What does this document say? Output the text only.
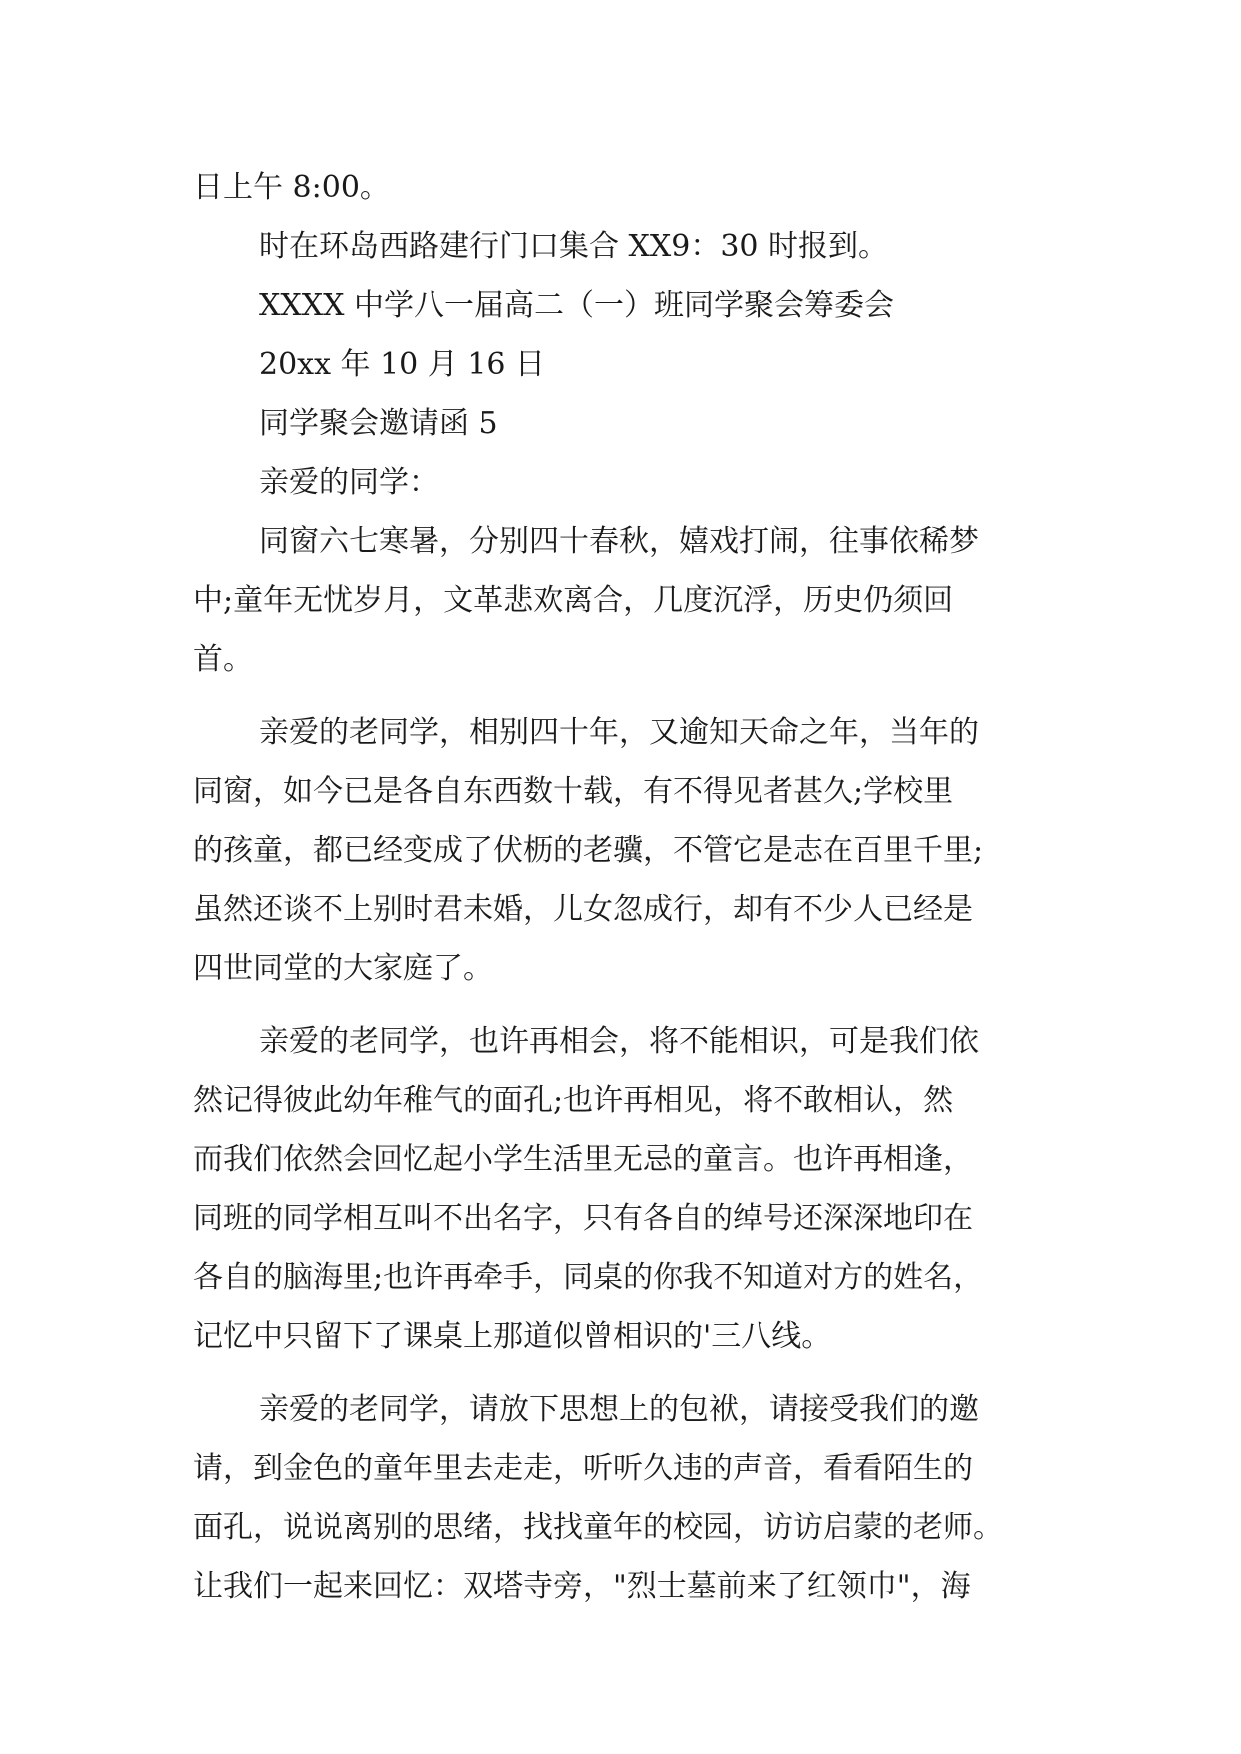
日上午 8:00。
时在环岛西路建行门口集合 XX9：30 时报到。
XXXX 中学八一届高二（一）班同学聚会筹委会
20xx 年 10 月 16 日
同学聚会邀请函 5
亲爱的同学：
同窗六七寒暑，分别四十春秋，嬉戏打闹，往事依稀梦
中;童年无忧岁月，文革悲欢离合，几度沉浮，历史仍须回
首。
亲爱的老同学，相别四十年，又逾知天命之年，当年的
同窗，如今已是各自东西数十载，有不得见者甚久;学校里
的孩童，都已经变成了伏枥的老骥，不管它是志在百里千里;
虽然还谈不上别时君未婚，儿女忽成行，却有不少人已经是
四世同堂的大家庭了。
亲爱的老同学，也许再相会，将不能相识，可是我们依
然记得彼此幼年稚气的面孔;也许再相见，将不敢相认，然
而我们依然会回忆起小学生活里无忌的童言。也许再相逢，
同班的同学相互叫不出名字，只有各自的绰号还深深地印在
各自的脑海里;也许再牵手，同桌的你我不知道对方的姓名，
记忆中只留下了课桌上那道似曾相识的'三八线。
亲爱的老同学，请放下思想上的包袱，请接受我们的邀
请，到金色的童年里去走走，听听久违的声音，看看陌生的
面孔，说说离别的思绪，找找童年的校园，访访启蒙的老师。
让我们一起来回忆：双塔寺旁，"烈士墓前来了红领巾"，海
